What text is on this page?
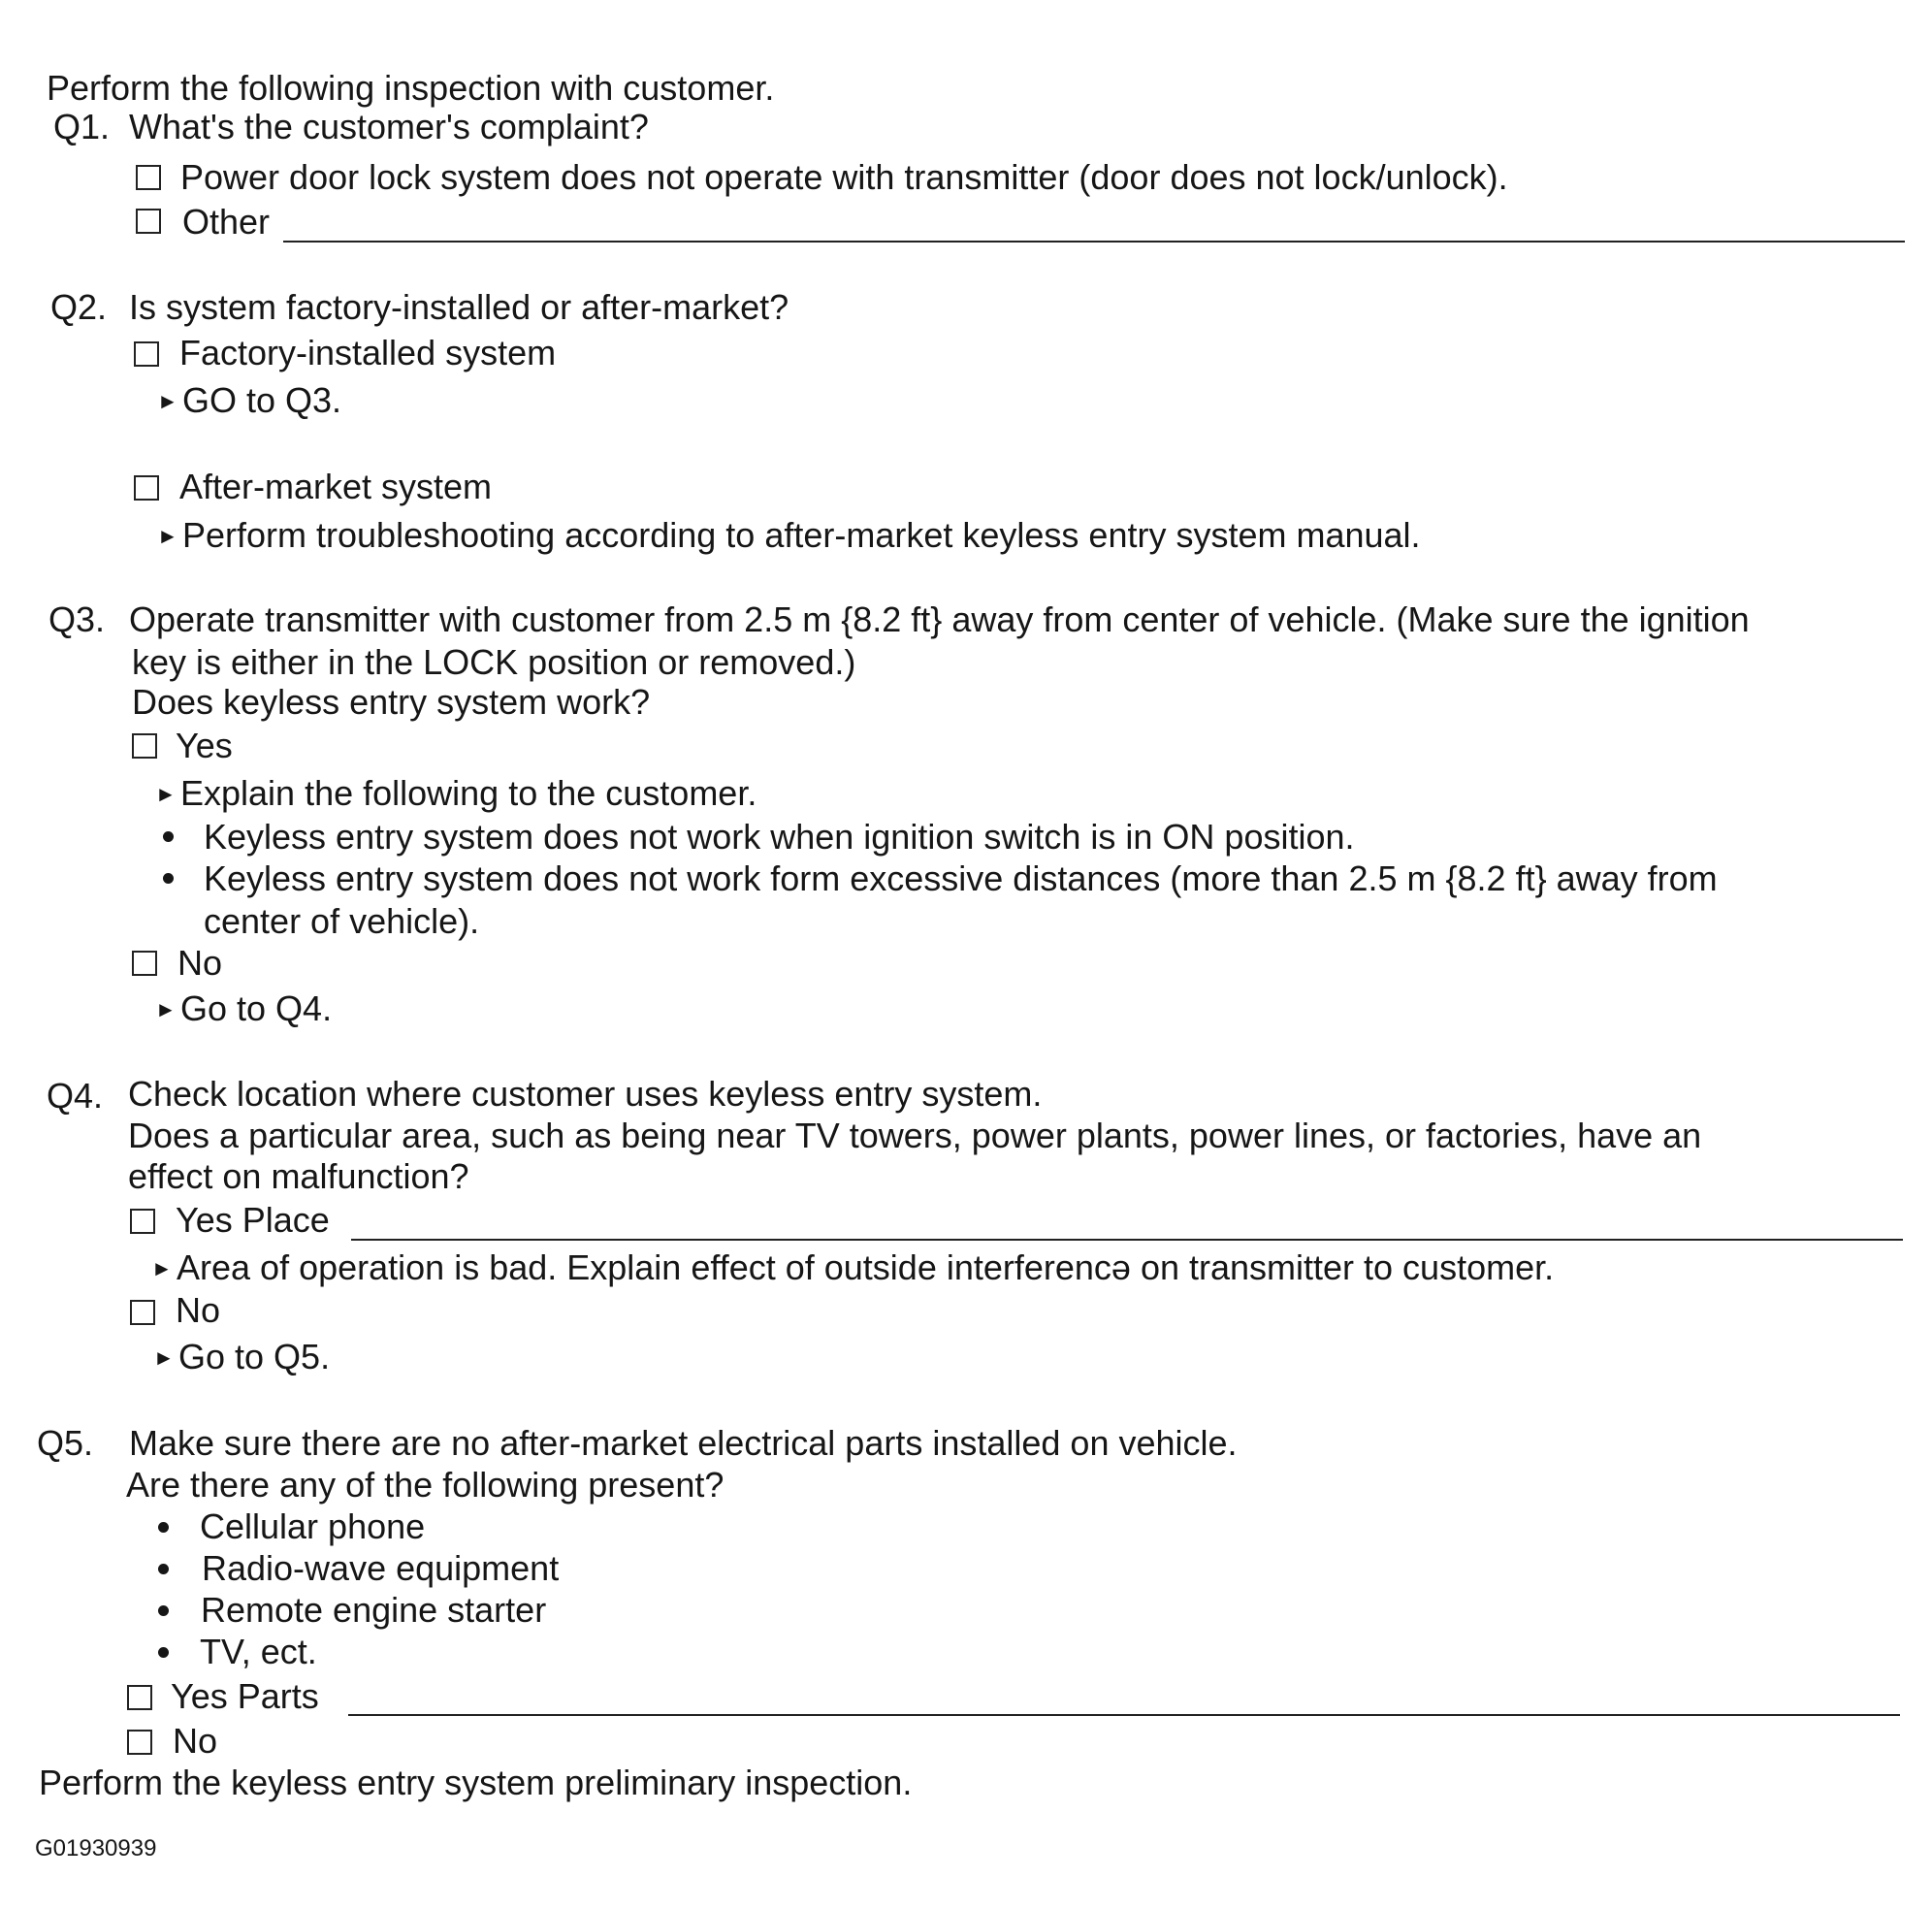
Perform the following inspection with customer.
Q1. What's the customer's complaint?
Power door lock system does not operate with transmitter (door does not lock/unlock).
Other
Q2. Is system factory-installed or after-market?
Factory-installed system
► GO to Q3.
After-market system
► Perform troubleshooting according to after-market keyless entry system manual.
Q3. Operate transmitter with customer from 2.5 m {8.2 ft} away from center of vehicle. (Make sure the ignition
key is either in the LOCK position or removed.)
Does keyless entry system work?
Yes
► Explain the following to the customer.
Keyless entry system does not work when ignition switch is in ON position.
Keyless entry system does not work form excessive distances (more than 2.5 m {8.2 ft} away from
center of vehicle).
No
► Go to Q4.
Q4. Check location where customer uses keyless entry system.
Does a particular area, such as being near TV towers, power plants, power lines, or factories, have an
effect on malfunction?
Yes Place
► Area of operation is bad. Explain effect of outside interferencə on transmitter to customer.
No
► Go to Q5.
Q5. Make sure there are no after-market electrical parts installed on vehicle.
Are there any of the following present?
Cellular phone
Radio-wave equipment
Remote engine starter
TV, ect.
Yes Parts
No
Perform the keyless entry system preliminary inspection.
G01930939
